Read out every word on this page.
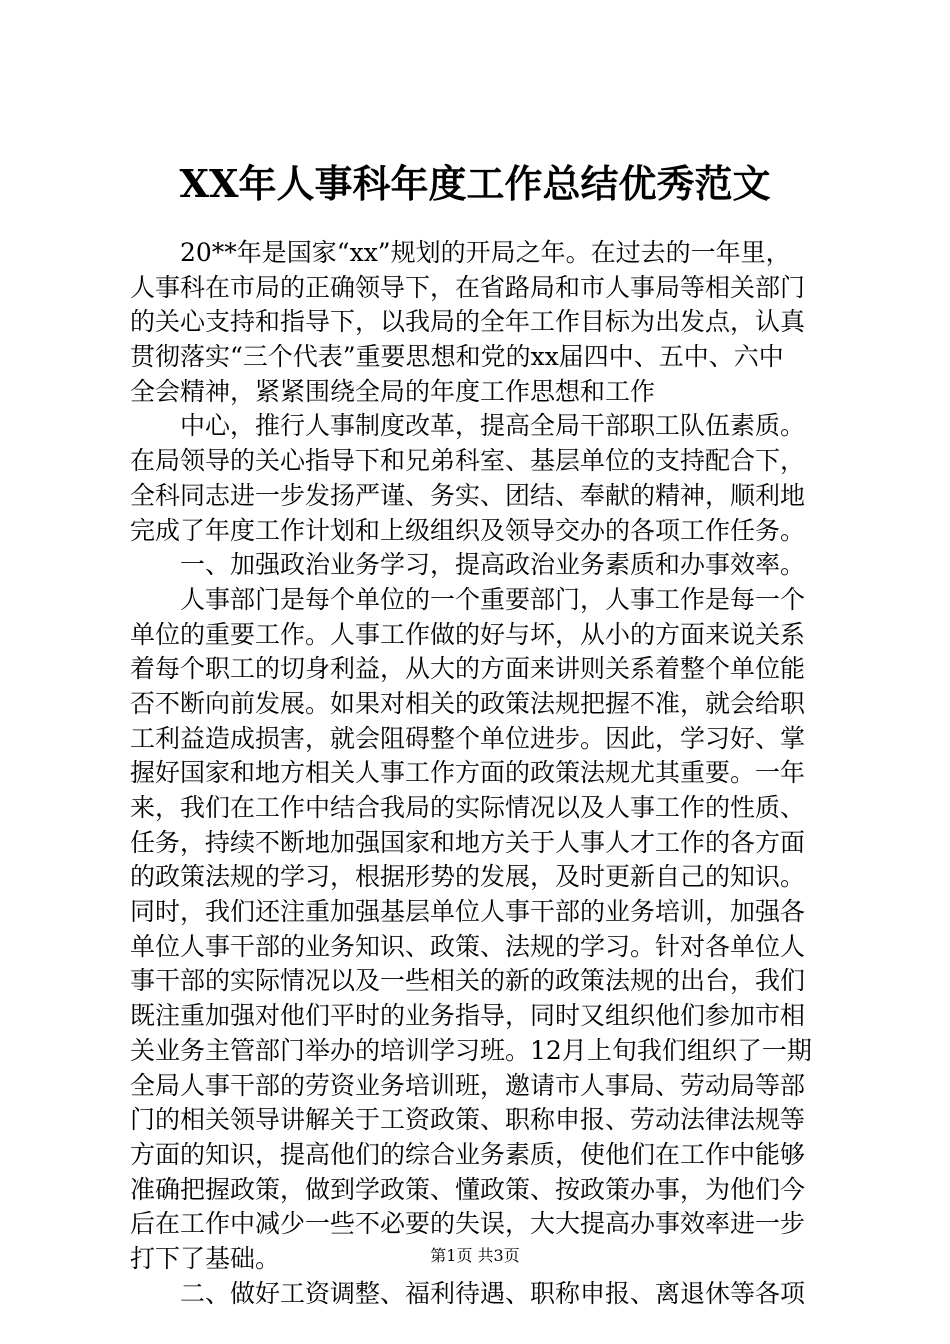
XX年人事科年度工作总结优秀范文
20**年是国家“xx”规划的开局之年。在过去的一年里，
人事科在市局的正确领导下，在省路局和市人事局等相关部门
的关心支持和指导下，以我局的全年工作目标为出发点，认真
贯彻落实“三个代表”重要思想和党的xx届四中、五中、六中
全会精神，紧紧围绕全局的年度工作思想和工作
中心，推行人事制度改革，提高全局干部职工队伍素质。
在局领导的关心指导下和兄弟科室、基层单位的支持配合下，
全科同志进一步发扬严谨、务实、团结、奉献的精神，顺利地
完成了年度工作计划和上级组织及领导交办的各项工作任务。
一、加强政治业务学习，提高政治业务素质和办事效率。
人事部门是每个单位的一个重要部门，人事工作是每一个
单位的重要工作。人事工作做的好与坏，从小的方面来说关系
着每个职工的切身利益，从大的方面来讲则关系着整个单位能
否不断向前发展。如果对相关的政策法规把握不准，就会给职
工利益造成损害，就会阻碍整个单位进步。因此，学习好、掌
握好国家和地方相关人事工作方面的政策法规尤其重要。一年
来，我们在工作中结合我局的实际情况以及人事工作的性质、
任务，持续不断地加强国家和地方关于人事人才工作的各方面
的政策法规的学习，根据形势的发展，及时更新自己的知识。
同时，我们还注重加强基层单位人事干部的业务培训，加强各
单位人事干部的业务知识、政策、法规的学习。针对各单位人
事干部的实际情况以及一些相关的新的政策法规的出台，我们
既注重加强对他们平时的业务指导，同时又组织他们参加市相
关业务主管部门举办的培训学习班。12月上旬我们组织了一期
全局人事干部的劳资业务培训班，邀请市人事局、劳动局等部
门的相关领导讲解关于工资政策、职称申报、劳动法律法规等
方面的知识，提高他们的综合业务素质，使他们在工作中能够
准确把握政策，做到学政策、懂政策、按政策办事，为他们今
后在工作中减少一些不必要的失误，大大提高办事效率进一步
打下了基础。
二、做好工资调整、福利待遇、职称申报、离退休等各项
第1页 共3页
